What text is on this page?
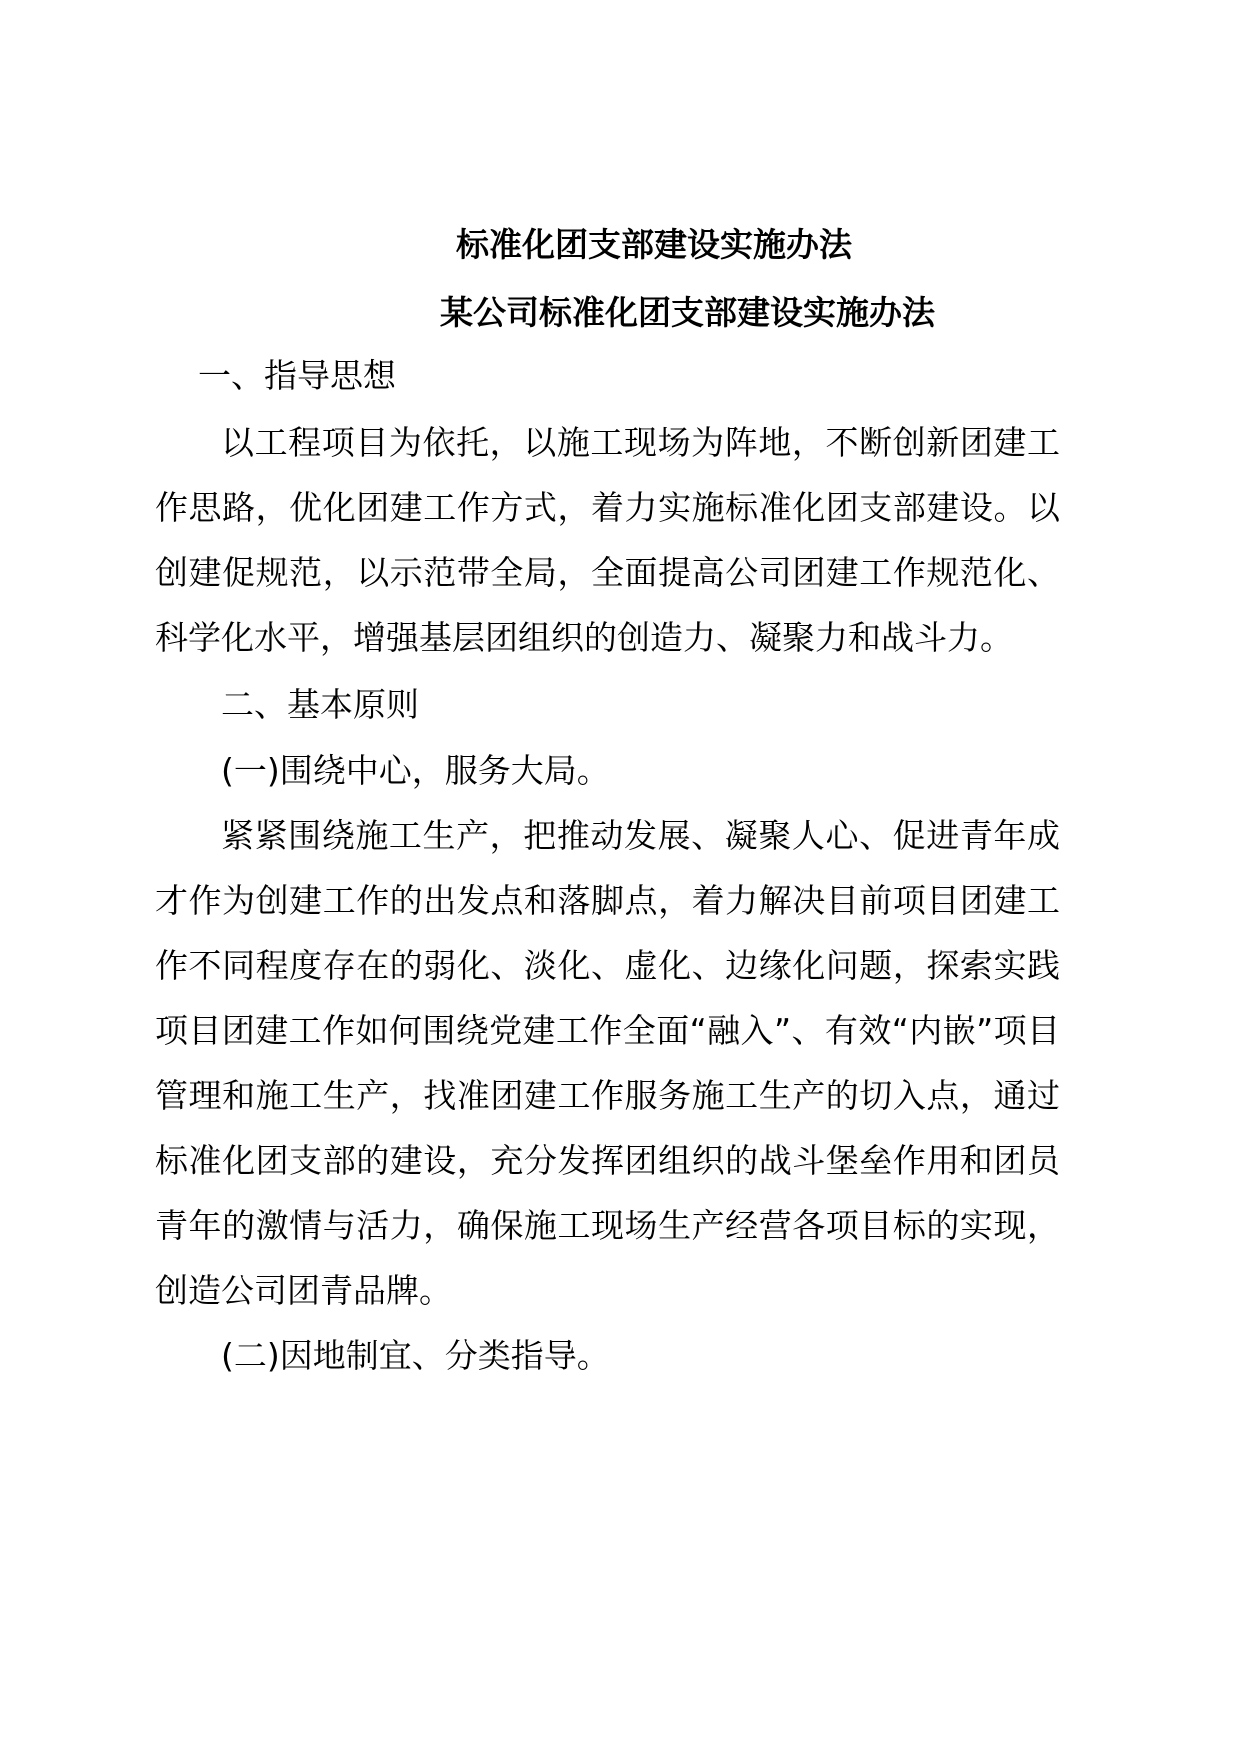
标准化团支部建设实施办法
某公司标准化团支部建设实施办法

一、指导思想

以工程项目为依托，以施工现场为阵地，不断创新团建工作思路，优化团建工作方式，着力实施标准化团支部建设。以创建促规范，以示范带全局，全面提高公司团建工作规范化、科学化水平，增强基层团组织的创造力、凝聚力和战斗力。

二、基本原则

(一)围绕中心，服务大局。

紧紧围绕施工生产，把推动发展、凝聚人心、促进青年成才作为创建工作的出发点和落脚点，着力解决目前项目团建工作不同程度存在的弱化、淡化、虚化、边缘化问题，探索实践项目团建工作如何围绕党建工作全面“融入”、有效“内嵌”项目管理和施工生产，找准团建工作服务施工生产的切入点，通过标准化团支部的建设，充分发挥团组织的战斗堡垒作用和团员青年的激情与活力，确保施工现场生产经营各项目标的实现，创造公司团青品牌。

(二)因地制宜、分类指导。
